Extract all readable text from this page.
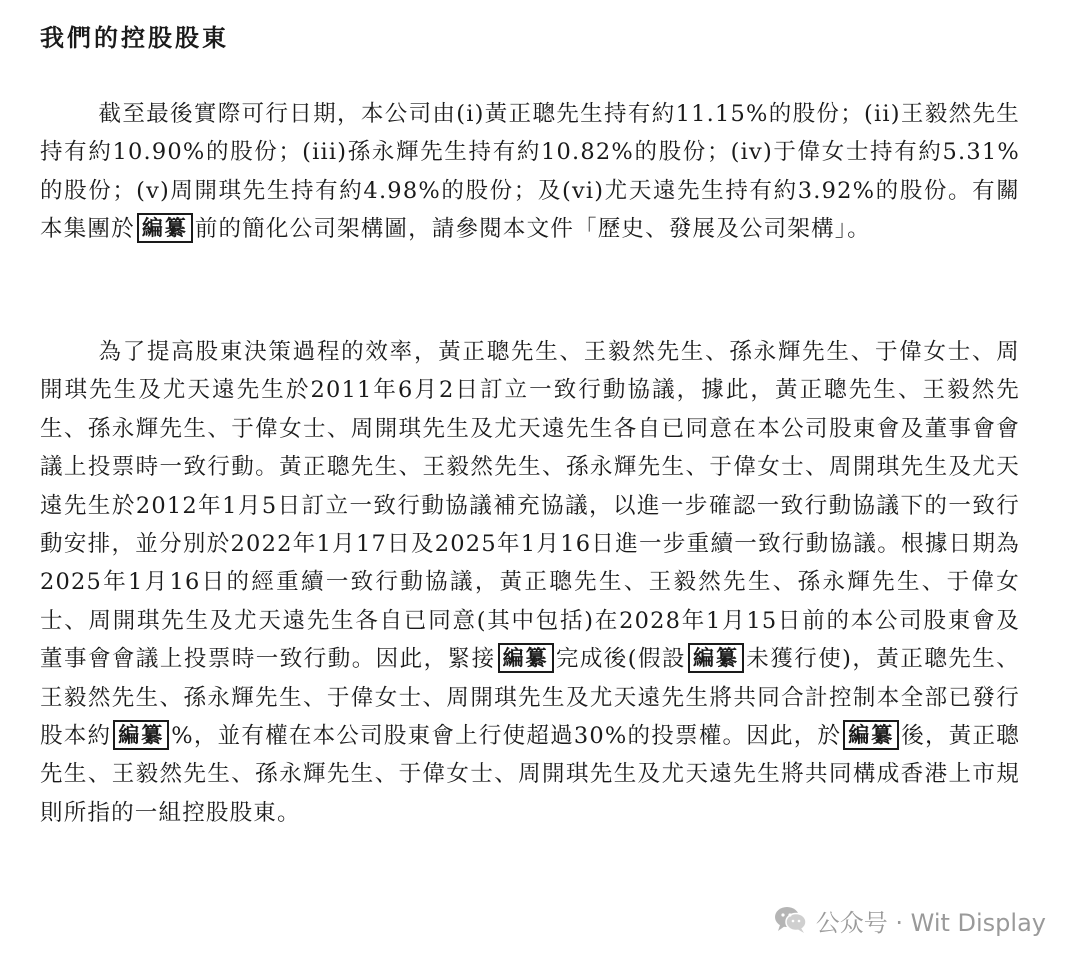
我們的控股股東

截至最後實際可行日期，本公司由(i)黃正聰先生持有約11.15%的股份；(ii)王毅然先生持有約10.90%的股份；(iii)孫永輝先生持有約10.82%的股份；(iv)于偉女士持有約5.31%的股份；(v)周開琪先生持有約4.98%的股份；及(vi)尤天遠先生持有約3.92%的股份。有關本集團於 編纂 前的簡化公司架構圖，請參閱本文件「歷史、發展及公司架構」。

為了提高股東決策過程的效率，黃正聰先生、王毅然先生、孫永輝先生、于偉女士、周開琪先生及尤天遠先生於2011年6月2日訂立一致行動協議，據此，黃正聰先生、王毅然先生、孫永輝先生、于偉女士、周開琪先生及尤天遠先生各自已同意在本公司股東會及董事會會議上投票時一致行動。黃正聰先生、王毅然先生、孫永輝先生、于偉女士、周開琪先生及尤天遠先生於2012年1月5日訂立一致行動協議補充協議，以進一步確認一致行動協議下的一致行動安排，並分別於2022年1月17日及2025年1月16日進一步重續一致行動協議。根據日期為2025年1月16日的經重續一致行動協議，黃正聰先生、王毅然先生、孫永輝先生、于偉女士、周開琪先生及尤天遠先生各自已同意(其中包括)在2028年1月15日前的本公司股東會及董事會會議上投票時一致行動。因此，緊接 編纂 完成後(假設 編纂 未獲行使)，黃正聰先生、王毅然先生、孫永輝先生、于偉女士、周開琪先生及尤天遠先生將共同合計控制本全部已發行股本約 編纂 %，並有權在本公司股東會上行使超過30%的投票權。因此，於 編纂 後，黃正聰先生、王毅然先生、孫永輝先生、于偉女士、周開琪先生及尤天遠先生將共同構成香港上市規則所指的一組控股股東。

公众号 · Wit Display
